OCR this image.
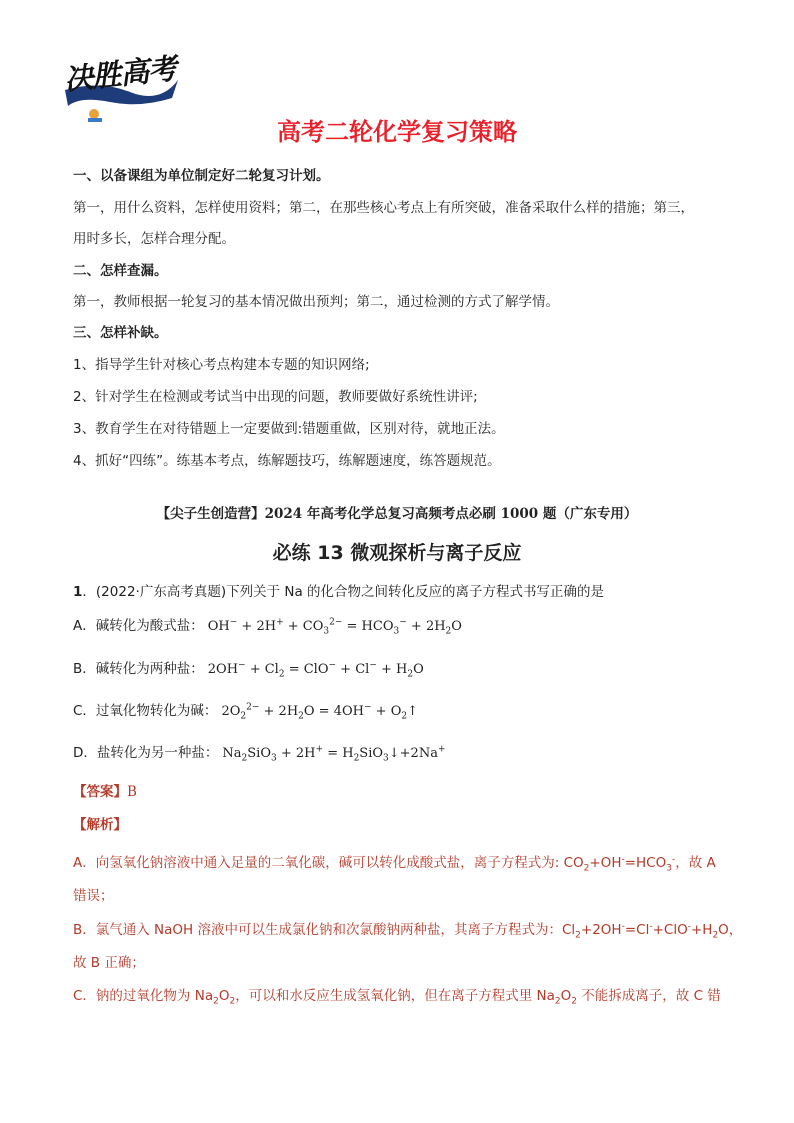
决胜高考
高考二轮化学复习策略
一、以备课组为单位制定好二轮复习计划。
第一，用什么资料，怎样使用资料；第二，在那些核心考点上有所突破，准备采取什么样的措施；第三，
用时多长，怎样合理分配。
二、怎样查漏。
第一，教师根据一轮复习的基本情况做出预判；第二，通过检测的方式了解学情。
三、怎样补缺。
1、指导学生针对核心考点构建本专题的知识网络;
2、针对学生在检测或考试当中出现的问题，教师要做好系统性讲评;
3、教育学生在对待错题上一定要做到:错题重做，区别对待，就地正法。
4、抓好“四练”。练基本考点，练解题技巧，练解题速度，练答题规范。
【尖子生创造营】2024 年高考化学总复习高频考点必刷 1000 题（广东专用）
必练 13 微观探析与离子反应
1．(2022·广东高考真题)下列关于 Na 的化合物之间转化反应的离子方程式书写正确的是
A．碱转化为酸式盐： $OH^- + 2H^+ + CO_3^{2-} = HCO_3^- + 2H_2O$
B．碱转化为两种盐： $2OH^- + Cl_2 = ClO^- + Cl^- + H_2O$
C．过氧化物转化为碱： $2O_2^{2-} + 2H_2O = 4OH^-$ + $O_2↑$
D．盐转化为另一种盐： $Na_2SiO_3 + 2H^+$ = $H_2SiO_3↓+2Na^+$
【答案】B
【解析】
A．向氢氧化钠溶液中通入足量的二氧化碳，碱可以转化成酸式盐，离子方程式为: $CO_2+OH^-=HCO_3^-$，故 A
错误；
B．氯气通入 NaOH 溶液中可以生成氯化钠和次氯酸钠两种盐，其离子方程式为：$Cl_2+2OH^-=Cl^-+ClO^-+H_2O$，
故 B 正确；
C．钠的过氧化物为 $Na_2O_2$，可以和水反应生成氢氧化钠，但在离子方程式里 $Na_2O_2$ 不能拆成离子，故 C 错
